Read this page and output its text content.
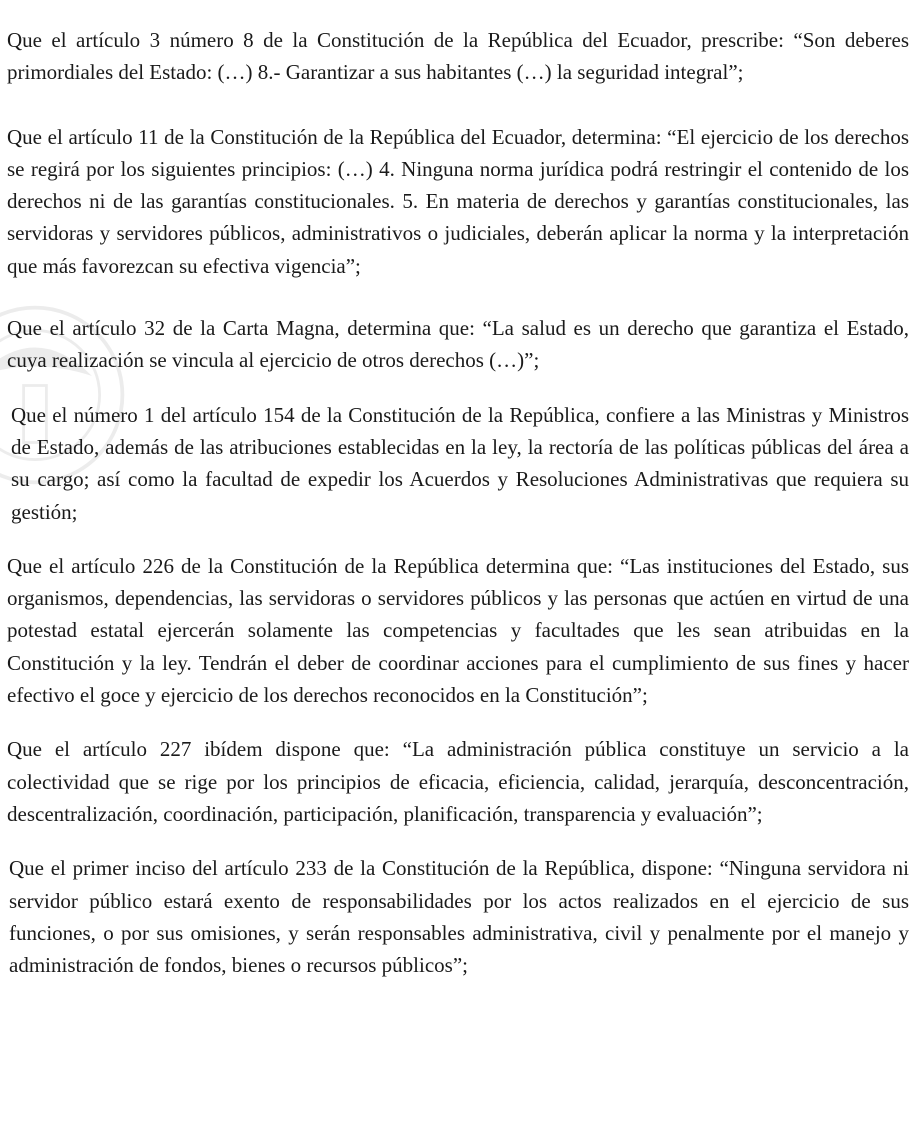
Que el artículo 3 número 8 de la Constitución de la República del Ecuador, prescribe: “Son deberes primordiales del Estado: (…) 8.- Garantizar a sus habitantes (…) la seguridad integral”;

Que el artículo 11 de la Constitución de la República del Ecuador, determina: “El ejercicio de los derechos se regirá por los siguientes principios: (…) 4. Ninguna norma jurídica podrá restringir el contenido de los derechos ni de las garantías constitucionales. 5. En materia de derechos y garantías constitucionales, las servidoras y servidores públicos, administrativos o judiciales, deberán aplicar la norma y la interpretación que más favorezcan su efectiva vigencia”;

Que el artículo 32 de la Carta Magna, determina que: “La salud es un derecho que garantiza el Estado, cuya realización se vincula al ejercicio de otros derechos (…)”;

Que el número 1 del artículo 154 de la Constitución de la República, confiere a las Ministras y Ministros de Estado, además de las atribuciones establecidas en la ley, la rectoría de las políticas públicas del área a su cargo; así como la facultad de expedir los Acuerdos y Resoluciones Administrativas que requiera su gestión;

Que el artículo 226 de la Constitución de la República determina que: “Las instituciones del Estado, sus organismos, dependencias, las servidoras o servidores públicos y las personas que actúen en virtud de una potestad estatal ejercerán solamente las competencias y facultades que les sean atribuidas en la Constitución y la ley. Tendrán el deber de coordinar acciones para el cumplimiento de sus fines y hacer efectivo el goce y ejercicio de los derechos reconocidos en la Constitución”;

Que el artículo 227 ibídem dispone que: “La administración pública constituye un servicio a la colectividad que se rige por los principios de eficacia, eficiencia, calidad, jerarquía, desconcentración, descentralización, coordinación, participación, planificación, transparencia y evaluación”;

Que el primer inciso del artículo 233 de la Constitución de la República, dispone: “Ninguna servidora ni servidor público estará exento de responsabilidades por los actos realizados en el ejercicio de sus funciones, o por sus omisiones, y serán responsables administrativa, civil y penalmente por el manejo y administración de fondos, bienes o recursos públicos”;
